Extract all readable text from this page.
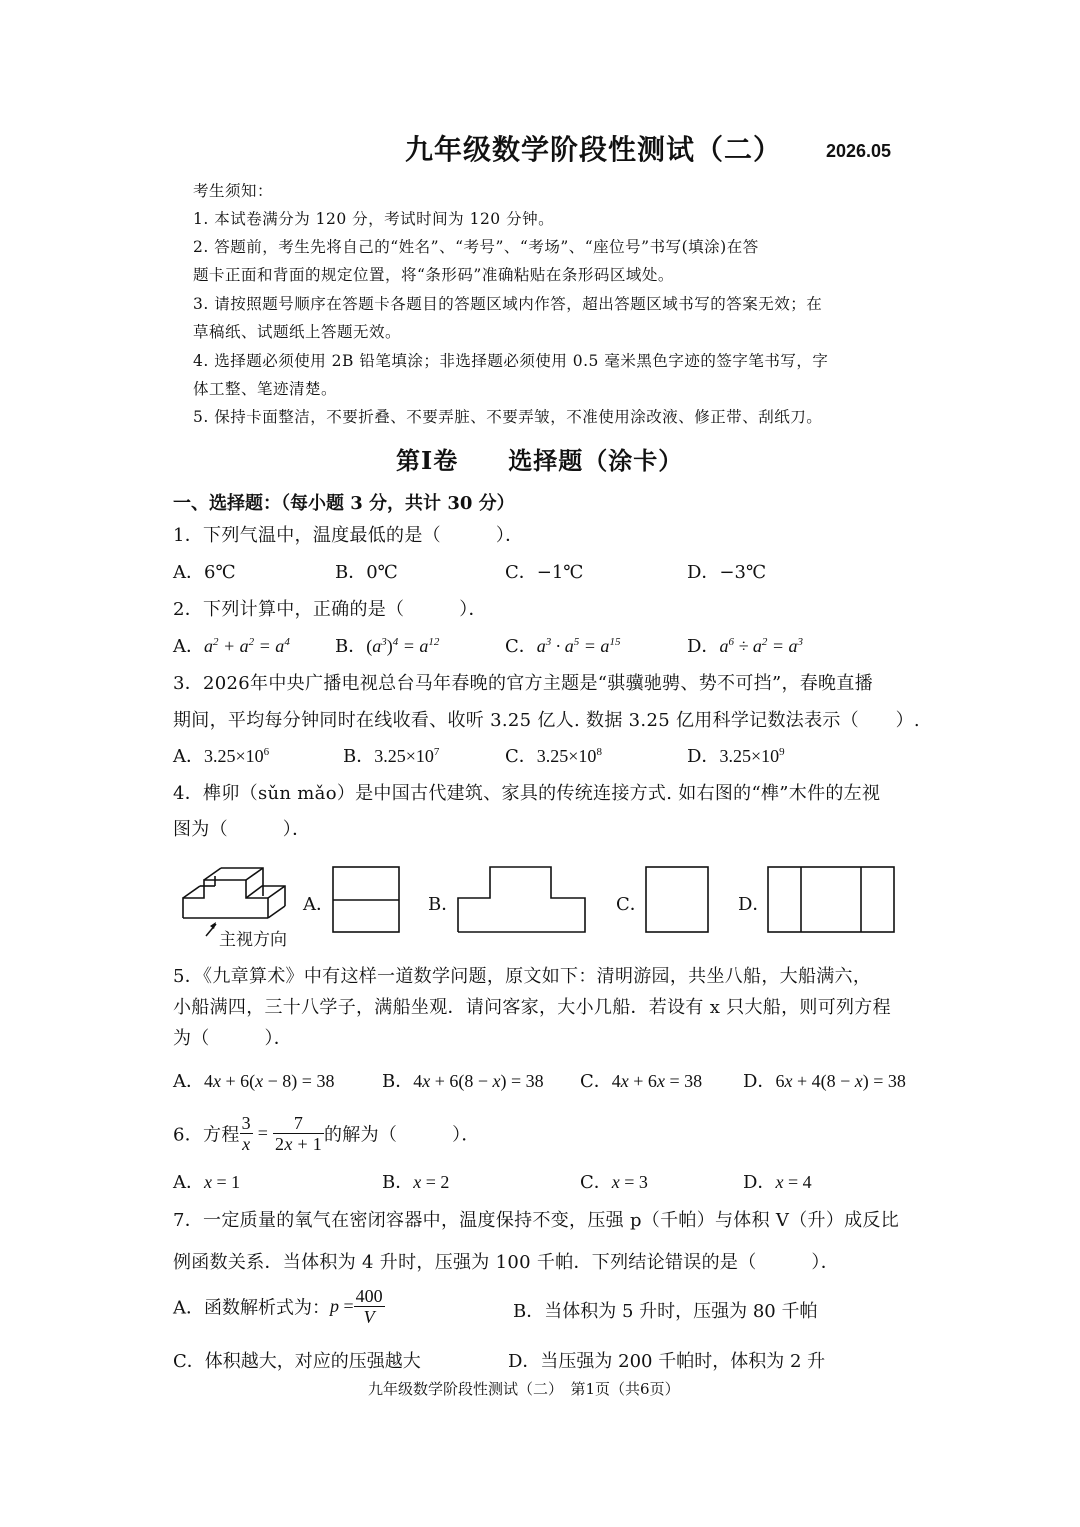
九年级数学阶段性测试（二） 2026.05
考生须知：
1. 本试卷满分为 120 分，考试时间为 120 分钟。
2. 答题前，考生先将自己的“姓名”、“考号”、“考场”、“座位号”书写(填涂)在答
题卡正面和背面的规定位置，将“条形码”准确粘贴在条形码区域处。
3. 请按照题号顺序在答题卡各题目的答题区域内作答，超出答题区域书写的答案无效；在
草稿纸、试题纸上答题无效。
4. 选择题必须使用 2B 铅笔填涂；非选择题必须使用 0.5 毫米黑色字迹的签字笔书写，字
体工整、笔迹清楚。
5. 保持卡面整洁，不要折叠、不要弄脏、不要弄皱，不准使用涂改液、修正带、刮纸刀。
第Ⅰ卷　　选择题（涂卡）
一、选择题：（每小题 3 分，共计 30 分）
1．下列气温中，温度最低的是（　　　）．
A．6℃	B．0℃	C．−1℃	D．−3℃
2．下列计算中，正确的是（　　　）．
A．$a^2 + a^2 = a^4$	B．$(a^3)^4 = a^{12}$	C．$a^3 \cdot a^5 = a^{15}$	D．$a^6 \div a^2 = a^3$
3．2026年中央广播电视总台马年春晚的官方主题是“骐骥驰骋、势不可挡”，春晚直播
期间，平均每分钟同时在线收看、收听 3.25 亿人. 数据 3.25 亿用科学记数法表示（　　）.
A．$3.25\times 10^6$	B．$3.25\times 10^7$	C．$3.25\times 10^8$	D．$3.25\times 10^9$
4．榫卯（sǔn mǎo）是中国古代建筑、家具的传统连接方式. 如右图的“榫”木件的左视
图为（　　　）．
主视方向
A．	B．	C．	D．
5．《九章算术》中有这样一道数学问题，原文如下：清明游园，共坐八船，大船满六，
小船满四，三十八学子，满船坐观．请问客家，大小几船．若设有 x 只大船，则可列方程
为（　　　）．
A．4x + 6(x − 8) = 38	B．4x + 6(8 − x) = 38 C．4x + 6x = 38 D．6x + 4(8 − x) = 38
6．方程 $\frac{3}{x} = \frac{7}{2x + 1}$ 的解为（　　　）．
A．x = 1	B．x = 2	C．x = 3	D．x = 4
7．一定质量的氧气在密闭容器中，温度保持不变，压强 p（千帕）与体积 V（升）成反比
例函数关系．当体积为 4 升时，压强为 100 千帕．下列结论错误的是（　　　）．
A．函数解析式为：$p = \frac{400}{V}$	B．当体积为 5 升时，压强为 80 千帕
C．体积越大，对应的压强越大	D．当压强为 200 千帕时，体积为 2 升
九年级数学阶段性测试（二）　第1页（共6页）
